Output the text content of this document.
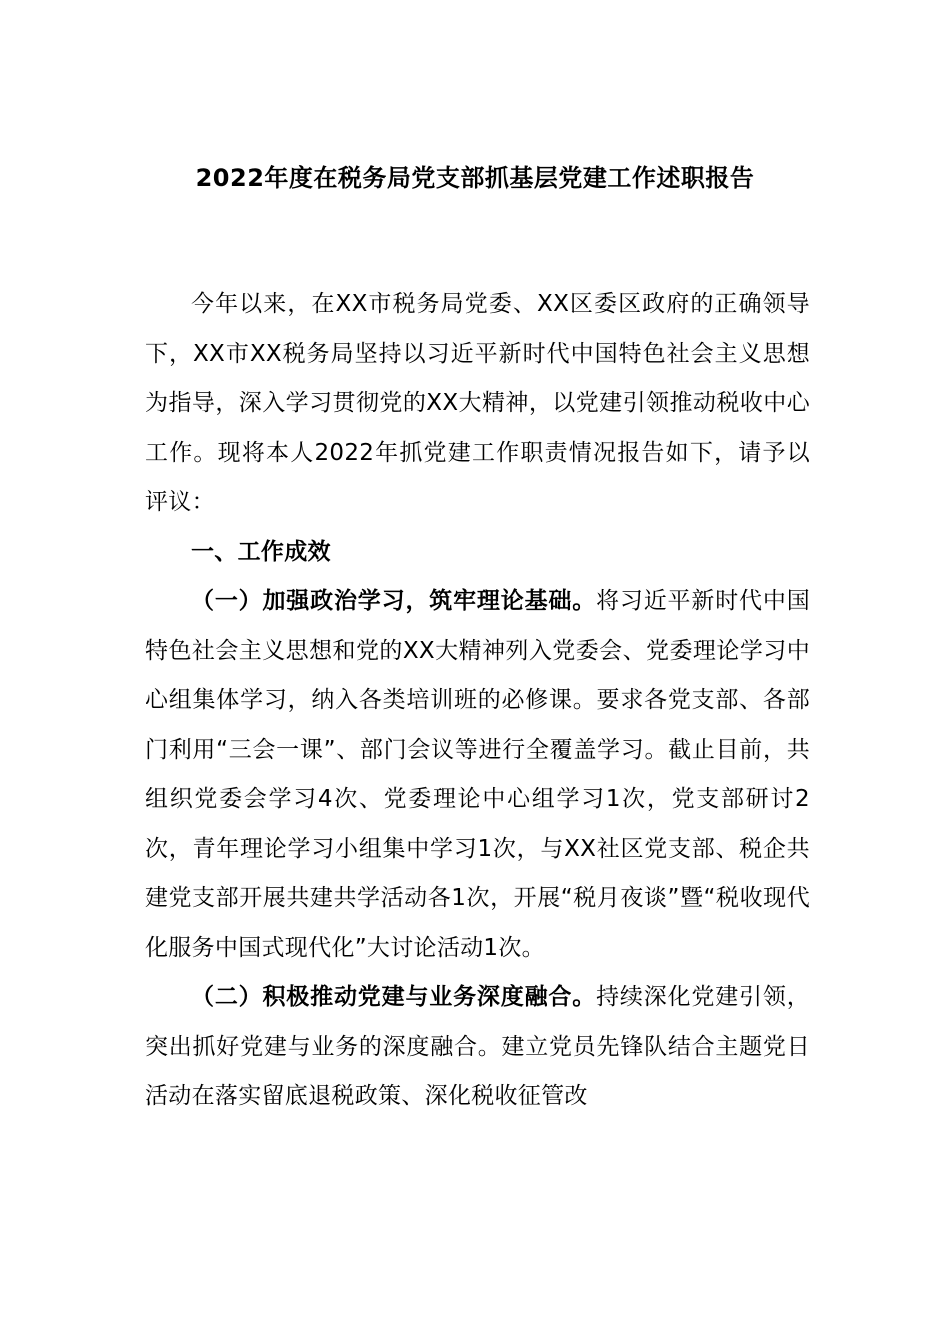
2022年度在税务局党支部抓基层党建工作述职报告

今年以来，在XX市税务局党委、XX区委区政府的正确领导下，XX市XX税务局坚持以习近平新时代中国特色社会主义思想为指导，深入学习贯彻党的XX大精神，以党建引领推动税收中心工作。现将本人2022年抓党建工作职责情况报告如下，请予以评议：

一、工作成效

（一）加强政治学习，筑牢理论基础。将习近平新时代中国特色社会主义思想和党的XX大精神列入党委会、党委理论学习中心组集体学习，纳入各类培训班的必修课。要求各党支部、各部门利用“三会一课”、部门会议等进行全覆盖学习。截止目前，共组织党委会学习4次、党委理论中心组学习1次，党支部研讨2次，青年理论学习小组集中学习1次，与XX社区党支部、税企共建党支部开展共建共学活动各1次，开展“税月夜谈”暨“税收现代化服务中国式现代化”大讨论活动1次。

（二）积极推动党建与业务深度融合。持续深化党建引领，突出抓好党建与业务的深度融合。建立党员先锋队结合主题党日活动在落实留底退税政策、深化税收征管改
